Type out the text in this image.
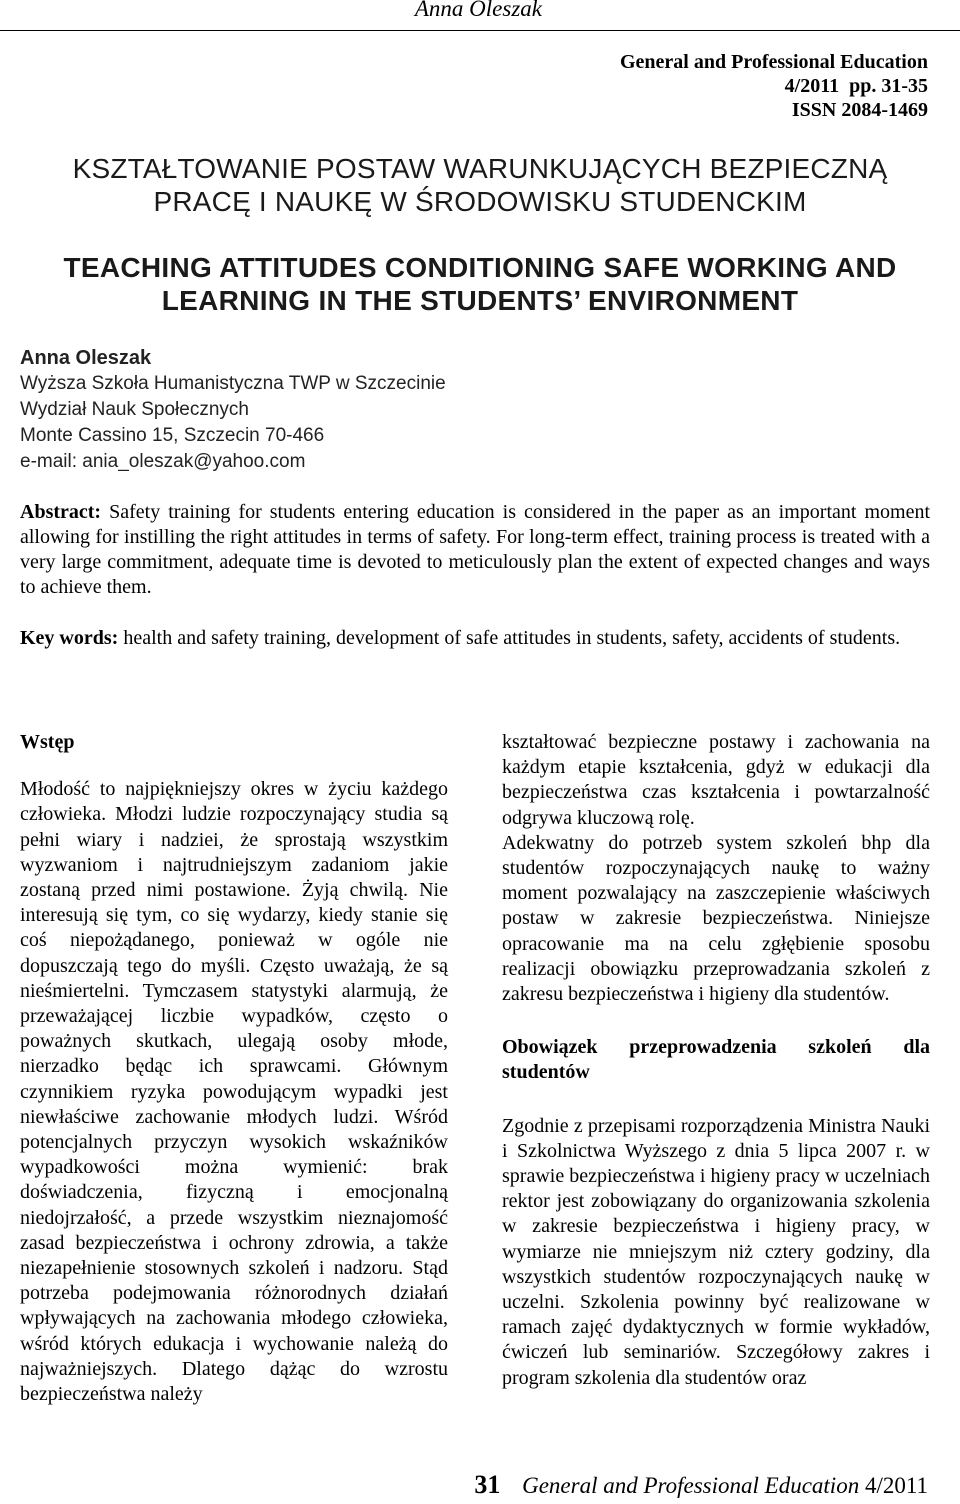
Anna Oleszak
General and Professional Education
4/2011  pp. 31-35
ISSN 2084-1469
KSZTAŁTOWANIE POSTAW WARUNKUJĄCYCH BEZPIECZNĄ
PRACĘ I NAUKĘ W ŚRODOWISKU STUDENCKIM
TEACHING ATTITUDES CONDITIONING SAFE WORKING AND
LEARNING IN THE STUDENTS’ ENVIRONMENT
Anna Oleszak
Wyższa Szkoła Humanistyczna TWP w Szczecinie
Wydział Nauk Społecznych
Monte Cassino 15, Szczecin 70-466
e-mail: ania_oleszak@yahoo.com
Abstract: Safety training for students entering education is considered in the paper as an important moment allowing for instilling the right attitudes in terms of safety. For long-term effect, training process is treated with a very large commitment, adequate time is devoted to meticulously plan the extent of expected changes and ways to achieve them.
Key words: health and safety training, development of safe attitudes in students, safety, accidents of students.

Wstęp

Młodość to najpiękniejszy okres w życiu każdego człowieka. Młodzi ludzie rozpoczynający studia są pełni wiary i nadziei, że sprostają wszystkim wyzwaniom i najtrudniejszym zadaniom jakie zostaną przed nimi postawione. Żyją chwilą. Nie interesują się tym, co się wydarzy, kiedy stanie się coś niepożądanego, ponieważ w ogóle nie dopuszczają tego do myśli. Często uważają, że są nieśmiertelni. Tymczasem statystyki alarmują, że przeważającej liczbie wypadków, często o poważnych skutkach, ulegają osoby młode, nierzadko będąc ich sprawcami. Głównym czynnikiem ryzyka powodującym wypadki jest niewłaściwe zachowanie młodych ludzi. Wśród potencjalnych przyczyn wysokich wskaźników wypadkowości można wymienić: brak doświadczenia, fizyczną i emocjonalną niedojrzałość, a przede wszystkim nieznajomość zasad bezpieczeństwa i ochrony zdrowia, a także niezapełnienie stosownych szkoleń i nadzoru. Stąd potrzeba podejmowania różnorodnych działań wpływających na zachowania młodego człowieka, wśród których edukacja i wychowanie należą do najważniejszych. Dlatego dążąc do wzrostu bezpieczeństwa należy

kształtować bezpieczne postawy i zachowania na każdym etapie kształcenia, gdyż w edukacji dla bezpieczeństwa czas kształcenia i powtarzalność odgrywa kluczową rolę.

Adekwatny do potrzeb system szkoleń bhp dla studentów rozpoczynających naukę to ważny moment pozwalający na zaszczepienie właściwych postaw w zakresie bezpieczeństwa. Niniejsze opracowanie ma na celu zgłębienie sposobu realizacji obowiązku przeprowadzania szkoleń z zakresu bezpieczeństwa i higieny dla studentów.

Obowiązek przeprowadzenia szkoleń dla studentów

Zgodnie z przepisami rozporządzenia Ministra Nauki i Szkolnictwa Wyższego z dnia 5 lipca 2007 r. w sprawie bezpieczeństwa i higieny pracy w uczelniach rektor jest zobowiązany do organizowania szkolenia w zakresie bezpieczeństwa i higieny pracy, w wymiarze nie mniejszym niż cztery godziny, dla wszystkich studentów rozpoczynających naukę w uczelni. Szkolenia powinny być realizowane w ramach zajęć dydaktycznych w formie wykładów, ćwiczeń lub seminariów. Szczegółowy zakres i program szkolenia dla studentów oraz

31 General and Professional Education 4/2011
